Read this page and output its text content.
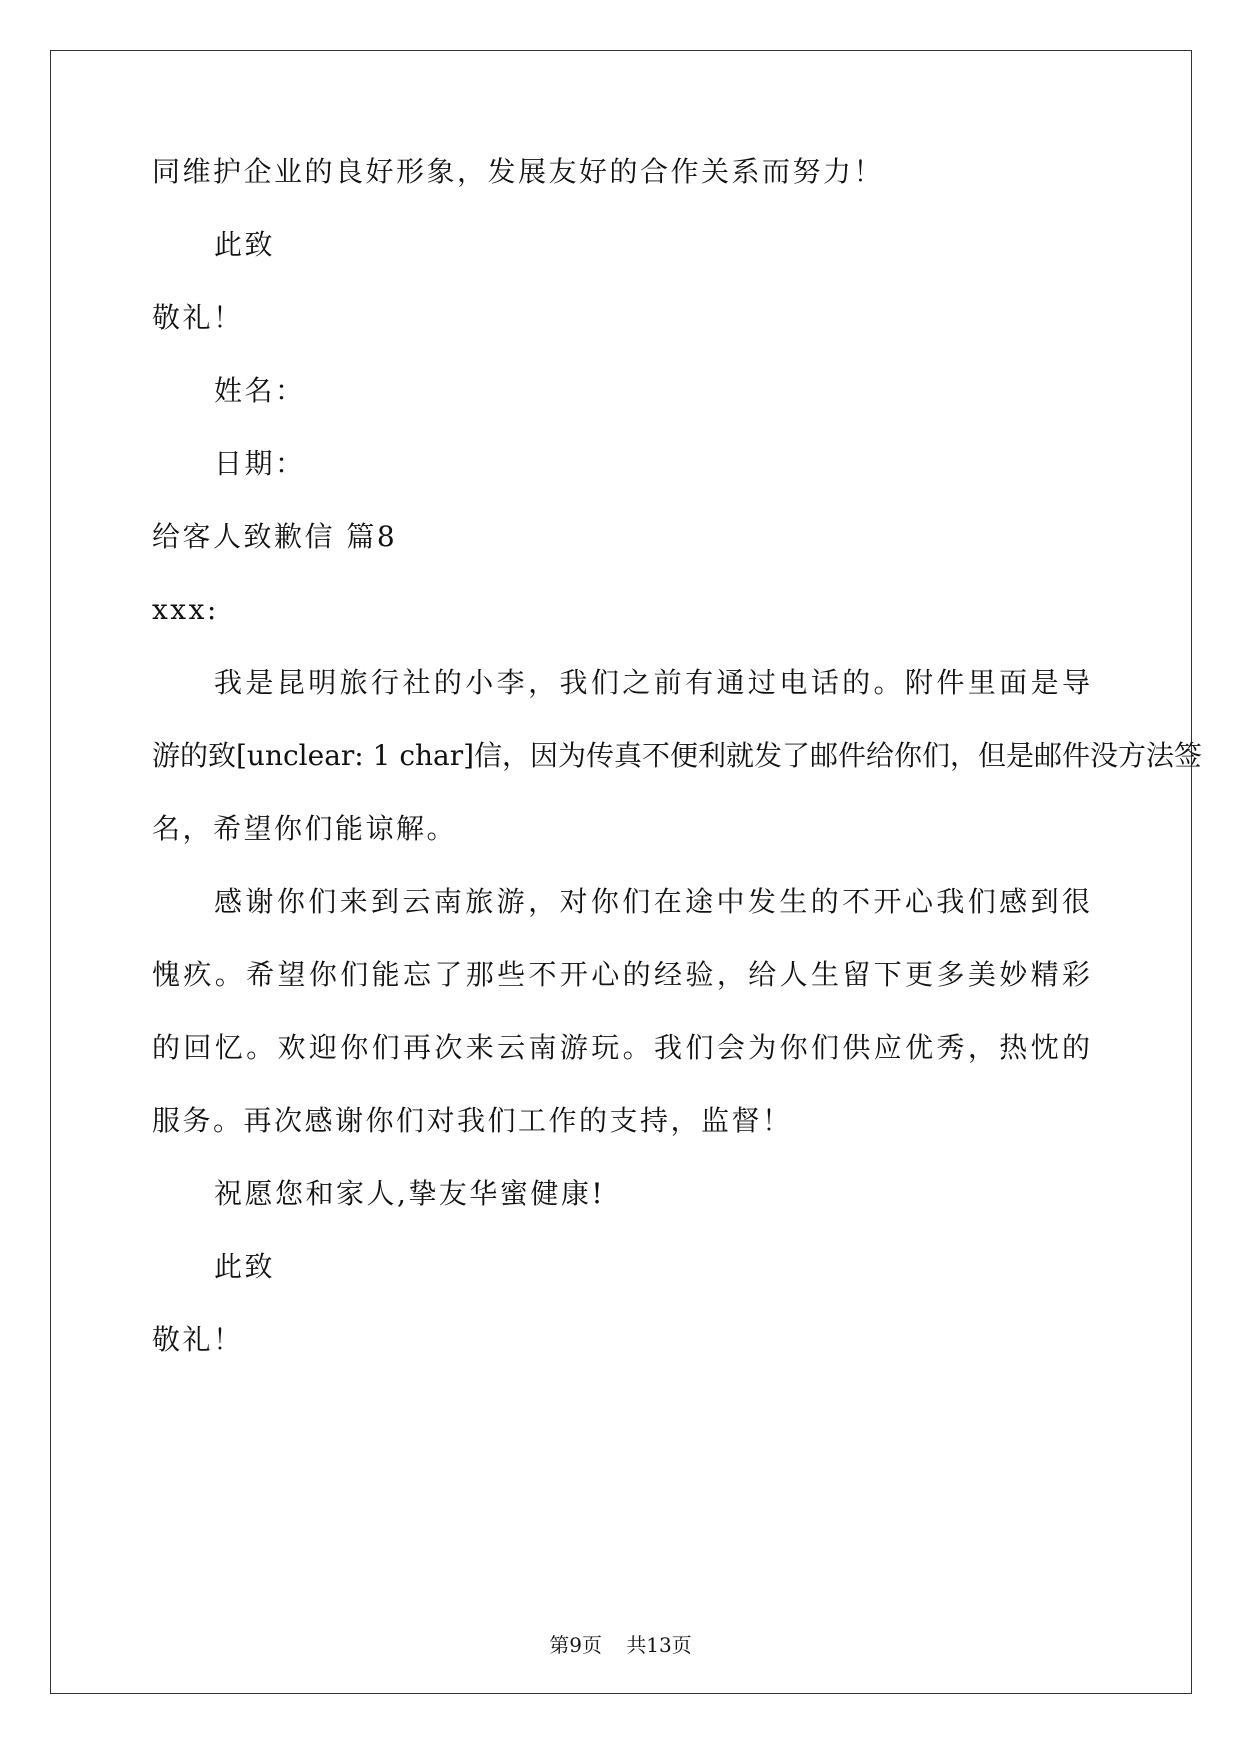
同维护企业的良好形象，发展友好的合作关系而努力！

此致

敬礼！

姓名：

日期：

给客人致歉信 篇8

xxx:

我是昆明旅行社的小李，我们之前有通过电话的。附件里面是导

游的致[unclear: 1 char]信，因为传真不便利就发了邮件给你们，但是邮件没方法签

名，希望你们能谅解。

感谢你们来到云南旅游，对你们在途中发生的不开心我们感到很

愧疚。希望你们能忘了那些不开心的经验，给人生留下更多美妙精彩

的回忆。欢迎你们再次来云南游玩。我们会为你们供应优秀，热忱的

服务。再次感谢你们对我们工作的支持，监督！

祝愿您和家人,挚友华蜜健康!

此致

敬礼！

第9页 共13页
